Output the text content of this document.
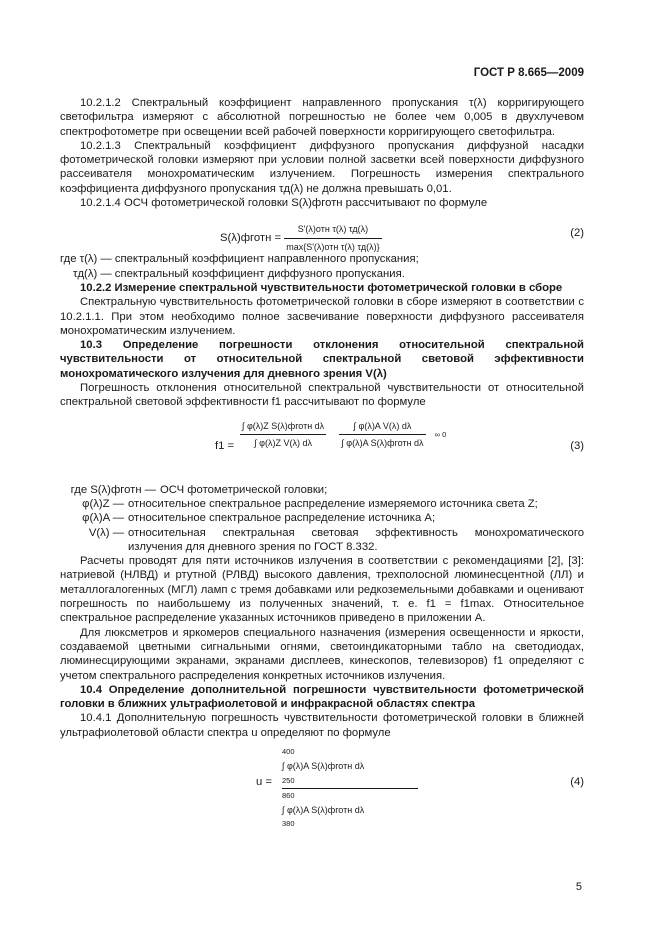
ГОСТ Р 8.665—2009

10.2.1.2 Спектральный коэффициент направленного пропускания τ(λ) корригирующего светофильтра измеряют с абсолютной погрешностью не более чем 0,005 в двухлучевом спектрофотометре при освещении всей рабочей поверхности корригирующего светофильтра.

10.2.1.3 Спектральный коэффициент диффузного пропускания диффузной насадки фотометрической головки измеряют при условии полной засветки всей поверхности диффузного рассеивателя монохроматическим излучением. Погрешность измерения спектрального коэффициента диффузного пропускания τд(λ) не должна превышать 0,01.

10.2.1.4 ОСЧ фотометрической головки S(λ)фготн рассчитывают по формуле

S(λ)фготн = $\frac{\text{S'(λ)отн τ(λ) τд(λ)}}{\text{max\{S'(λ)отн τ(λ) τд(λ)\}}}$	(2)

где τ(λ) — спектральный коэффициент направленного пропускания;

τд(λ) — спектральный коэффициент диффузного пропускания.

10.2.2 Измерение спектральной чувствительности фотометрической головки в сборе

Спектральную чувствительность фотометрической головки в сборе измеряют в соответствии с 10.2.1.1. При этом необходимо полное засвечивание поверхности диффузного рассеивателя монохроматическим излучением.

10.3 Определение погрешности отклонения относительной спектральной чувствительности от относительной спектральной световой эффективности монохроматического излучения для дневного зрения V(λ)

Погрешность отклонения относительной спектральной чувствительности от относительной спектральной световой эффективности f1 рассчитывают по формуле

$f1 = \frac{\text{∫ φ(λ)Z S(λ)фготн dλ}}{\text{∫ φ(λ)Z V(λ) dλ}}$
$\frac{\text{∫ φ(λ)A V(λ) dλ}}{\text{∫ φ(λ)A S(λ)фготн dλ}}$ ∞ 0
(3)
где S(λ)фготн — ОСЧ фотометрической головки;
φ(λ)Z — относительное спектральное распределение измеряемого источника света Z;
φ(λ)A — относительное спектральное распределение источника A;
V(λ) — относительная спектральная световая эффективность монохроматического излучения для дневного зрения по ГОСТ 8.332.

Расчеты проводят для пяти источников излучения в соответствии с рекомендациями [2], [3]: натриевой (НЛВД) и ртутной (РЛВД) высокого давления, трехполосной люминесцентной (ЛЛ) и металлогалогенных (МГЛ) ламп с тремя добавками или редкоземельными добавками и оценивают погрешность по наибольшему из полученных значений, т. е. f1 = f1max. Относительное спектральное распределение указанных источников приведено в приложении А.

Для люксметров и яркомеров специального назначения (измерения освещенности и яркости, создаваемой цветными сигнальными огнями, светоиндикаторными табло на светодиодах, люминесцирующими экранами, экранами дисплеев, кинескопов, телевизоров) f1 определяют с учетом спектрального распределения конкретных источников излучения.

10.4 Определение дополнительной погрешности чувствительности фотометрической головки в ближних ультрафиолетовой и инфракрасной областях спектра

10.4.1 Дополнительную погрешность чувствительности фотометрической головки в ближней ультрафиолетовой области спектра u определяют по формуле

u =
400
∫ φ(λ)A S(λ)фготн dλ
250
860
∫ φ(λ)A S(λ)фготн dλ
380
(4)
5
